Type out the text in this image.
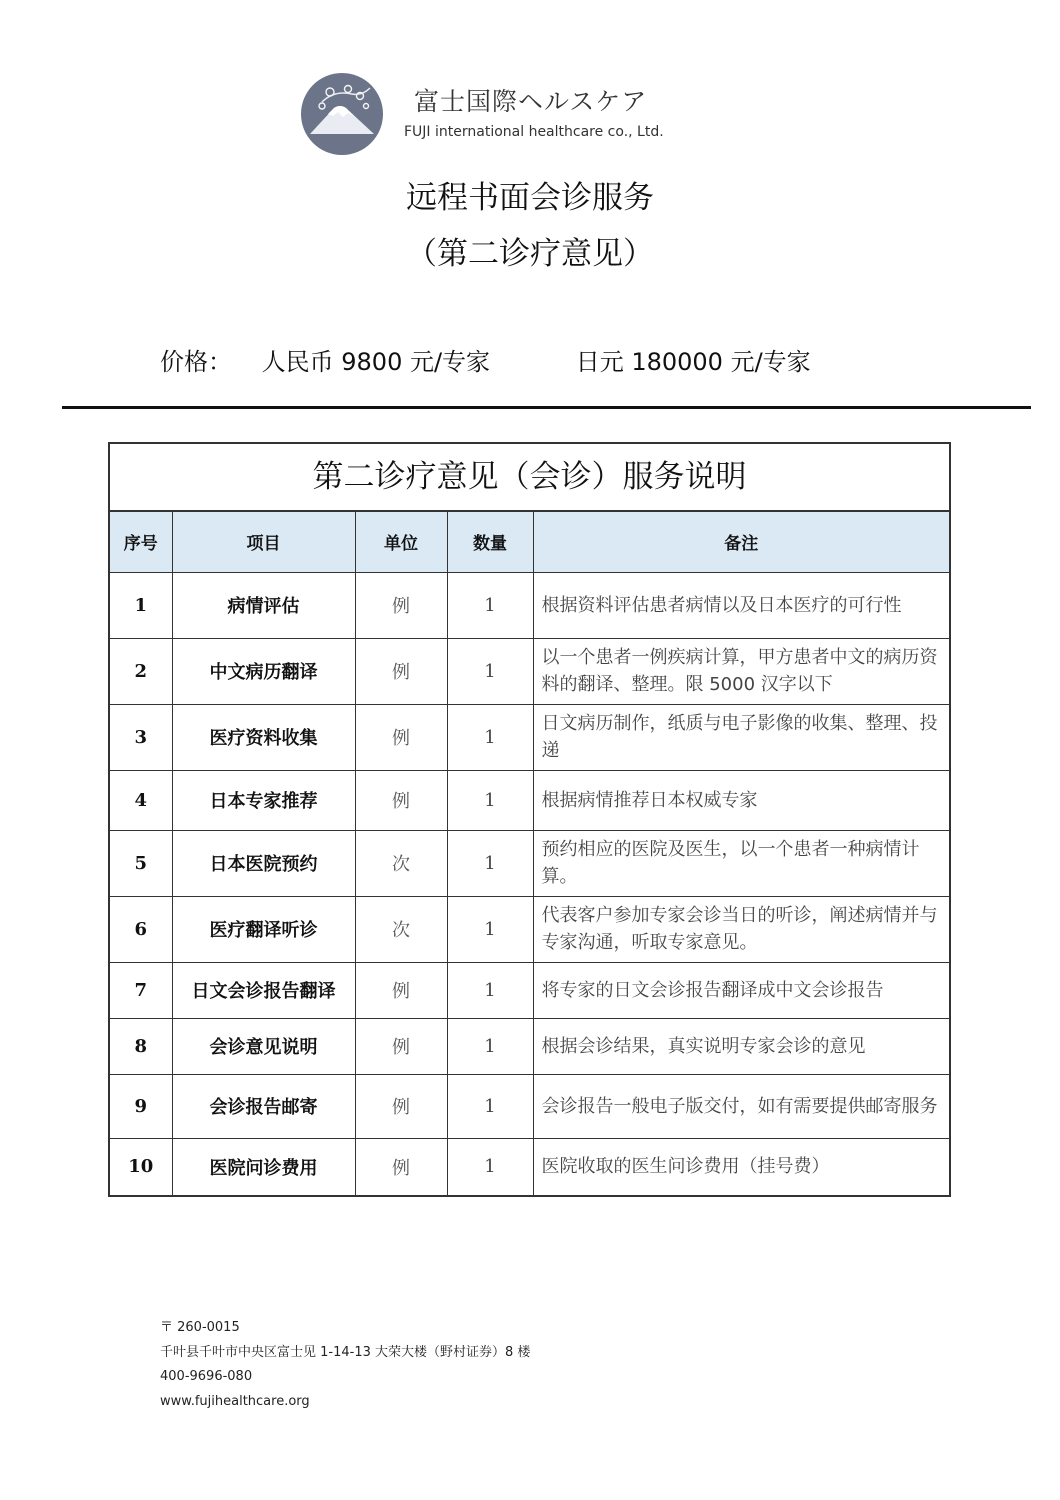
富士国際ヘルスケア
FUJI international healthcare co., Ltd.
远程书面会诊服务
（第二诊疗意见）
价格： 人民币 9800 元/专家	日元 180000 元/专家
第二诊疗意见（会诊）服务说明
序号	项目	单位	数量	备注
1	病情评估	例	1	根据资料评估患者病情以及日本医疗的可行性
2	中文病历翻译	例	1	以一个患者一例疾病计算，甲方患者中文的病历资料的翻译、整理。限 5000 汉字以下
3	医疗资料收集	例	1	日文病历制作，纸质与电子影像的收集、整理、投递
4	日本专家推荐	例	1	根据病情推荐日本权威专家
5	日本医院预约	次	1	预约相应的医院及医生，以一个患者一种病情计算。
6	医疗翻译听诊	次	1	代表客户参加专家会诊当日的听诊，阐述病情并与专家沟通，听取专家意见。
7	日文会诊报告翻译	例	1	将专家的日文会诊报告翻译成中文会诊报告
8	会诊意见说明	例	1	根据会诊结果，真实说明专家会诊的意见
9	会诊报告邮寄	例	1	会诊报告一般电子版交付，如有需要提供邮寄服务
10	医院问诊费用	例	1	医院收取的医生问诊费用（挂号费）
〒 260-0015
千叶县千叶市中央区富士见 1-14-13 大荣大楼（野村证券）8 楼
400-9696-080
www.fujihealthcare.org
